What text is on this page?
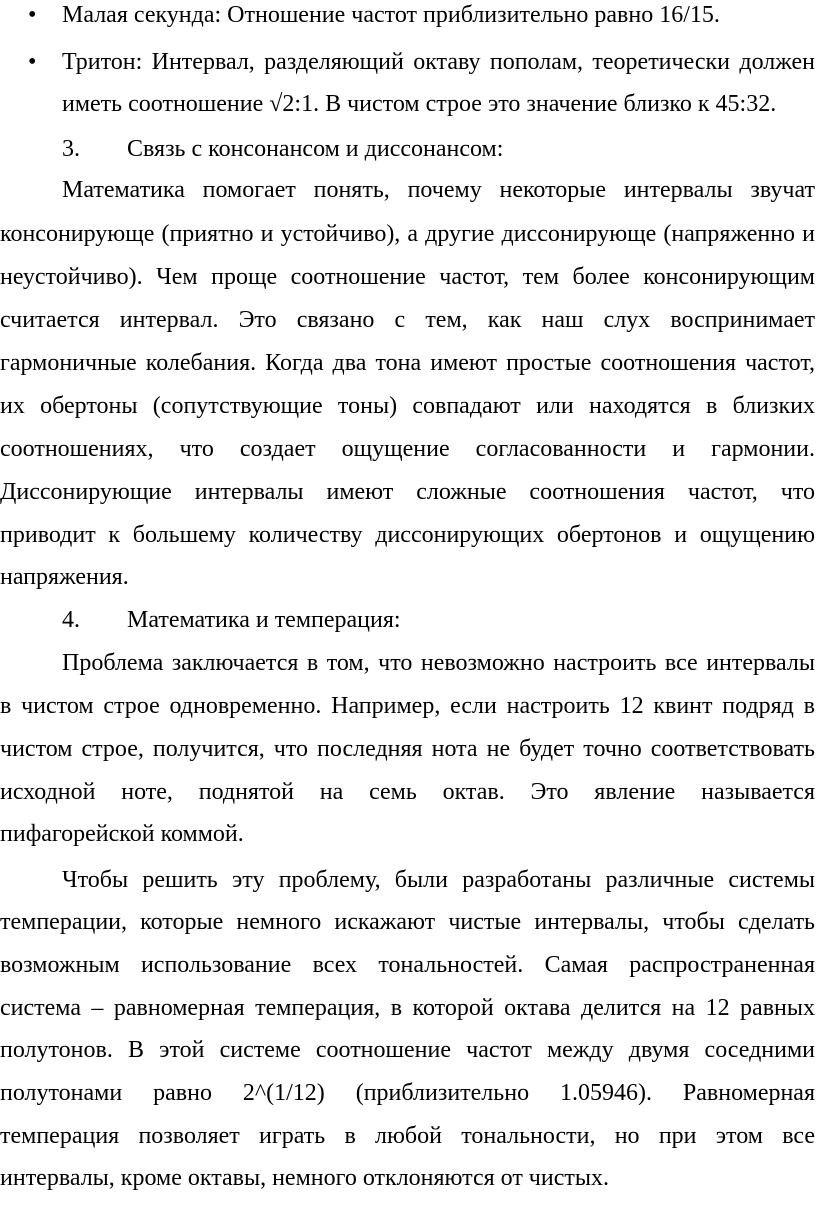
• Малая секунда: Отношение частот приблизительно равно 16/15.
• Тритон: Интервал, разделяющий октаву пополам, теоретически должен
иметь соотношение √2:1. В чистом строе это значение близко к 45:32.
3. Связь с консонансом и диссонансом:
Математика помогает понять, почему некоторые интервалы звучат
консонирующе (приятно и устойчиво), а другие диссонирующе (напряженно и
неустойчиво). Чем проще соотношение частот, тем более консонирующим
считается интервал. Это связано с тем, как наш слух воспринимает
гармоничные колебания. Когда два тона имеют простые соотношения частот,
их обертоны (сопутствующие тоны) совпадают или находятся в близких
соотношениях, что создает ощущение согласованности и гармонии.
Диссонирующие интервалы имеют сложные соотношения частот, что
приводит к большему количеству диссонирующих обертонов и ощущению
напряжения.
4. Математика и темперация:
Проблема заключается в том, что невозможно настроить все интервалы
в чистом строе одновременно. Например, если настроить 12 квинт подряд в
чистом строе, получится, что последняя нота не будет точно соответствовать
исходной ноте, поднятой на семь октав. Это явление называется
пифагорейской коммой.
Чтобы решить эту проблему, были разработаны различные системы
темперации, которые немного искажают чистые интервалы, чтобы сделать
возможным использование всех тональностей. Самая распространенная
система – равномерная темперация, в которой октава делится на 12 равных
полутонов. В этой системе соотношение частот между двумя соседними
полутонами равно 2^(1/12) (приблизительно 1.05946). Равномерная
темперация позволяет играть в любой тональности, но при этом все
интервалы, кроме октавы, немного отклоняются от чистых.
